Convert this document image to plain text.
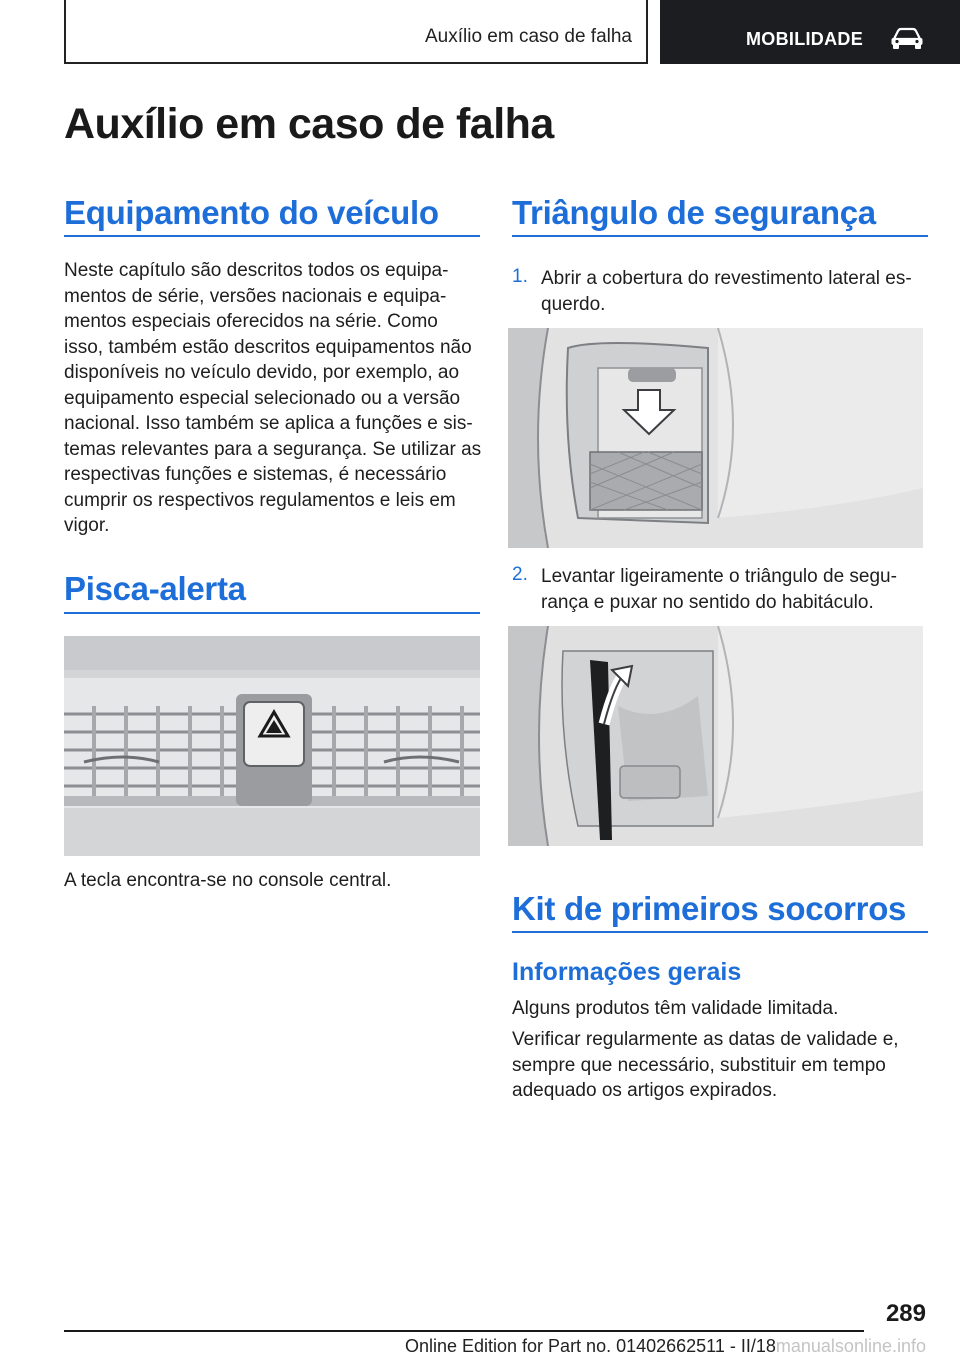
Auxílio em caso de falha	MOBILIDADE
Auxílio em caso de falha
Equipamento do veículo

Neste capítulo são descritos todos os equipa-

mentos de série, versões nacionais e equipa-

mentos especiais oferecidos na série. Como

isso, também estão descritos equipamentos não

disponíveis no veículo devido, por exemplo, ao

equipamento especial selecionado ou a versão

nacional. Isso também se aplica a funções e sis-

temas relevantes para a segurança. Se utilizar as

respectivas funções e sistemas, é necessário

cumprir os respectivos regulamentos e leis em

vigor.

Pisca-alerta

A tecla encontra-se no console central.

Triângulo de segurança
1. Abrir a cobertura do revestimento lateral es-

querdo.

2. Levantar ligeiramente o triângulo de segu-

rança e puxar no sentido do habitáculo.

Kit de primeiros socorros
Informações gerais

Alguns produtos têm validade limitada.

Verificar regularmente as datas de validade e,

sempre que necessário, substituir em tempo

adequado os artigos expirados.

289
Online Edition for Part no. 01402662511 - II/18manualsonline.info
